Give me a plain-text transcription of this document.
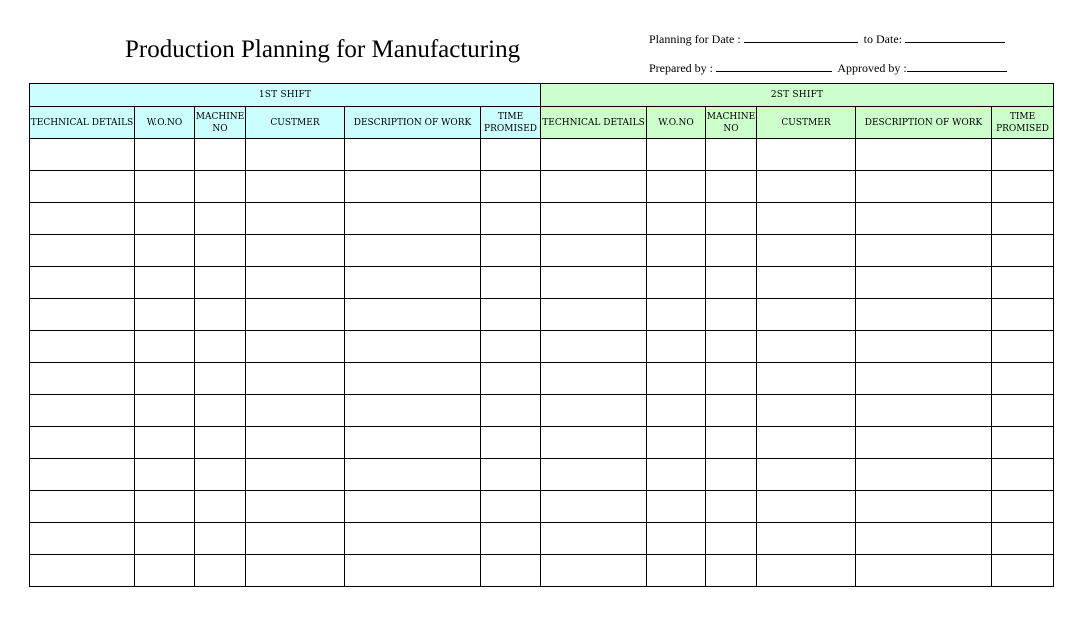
Production Planning for Manufacturing	Planning for Date :	to Date:
Prepared by :	Approved by :
1ST SHIFT						2ST SHIFT					
TECHNICAL DETAILS	W.O.NO	MACHINE NO	CUSTMER	DESCRIPTION OF WORK	TIME PROMISED	TECHNICAL DETAILS	W.O.NO	MACHINE NO	CUSTMER	DESCRIPTION OF WORK	TIME PROMISED
